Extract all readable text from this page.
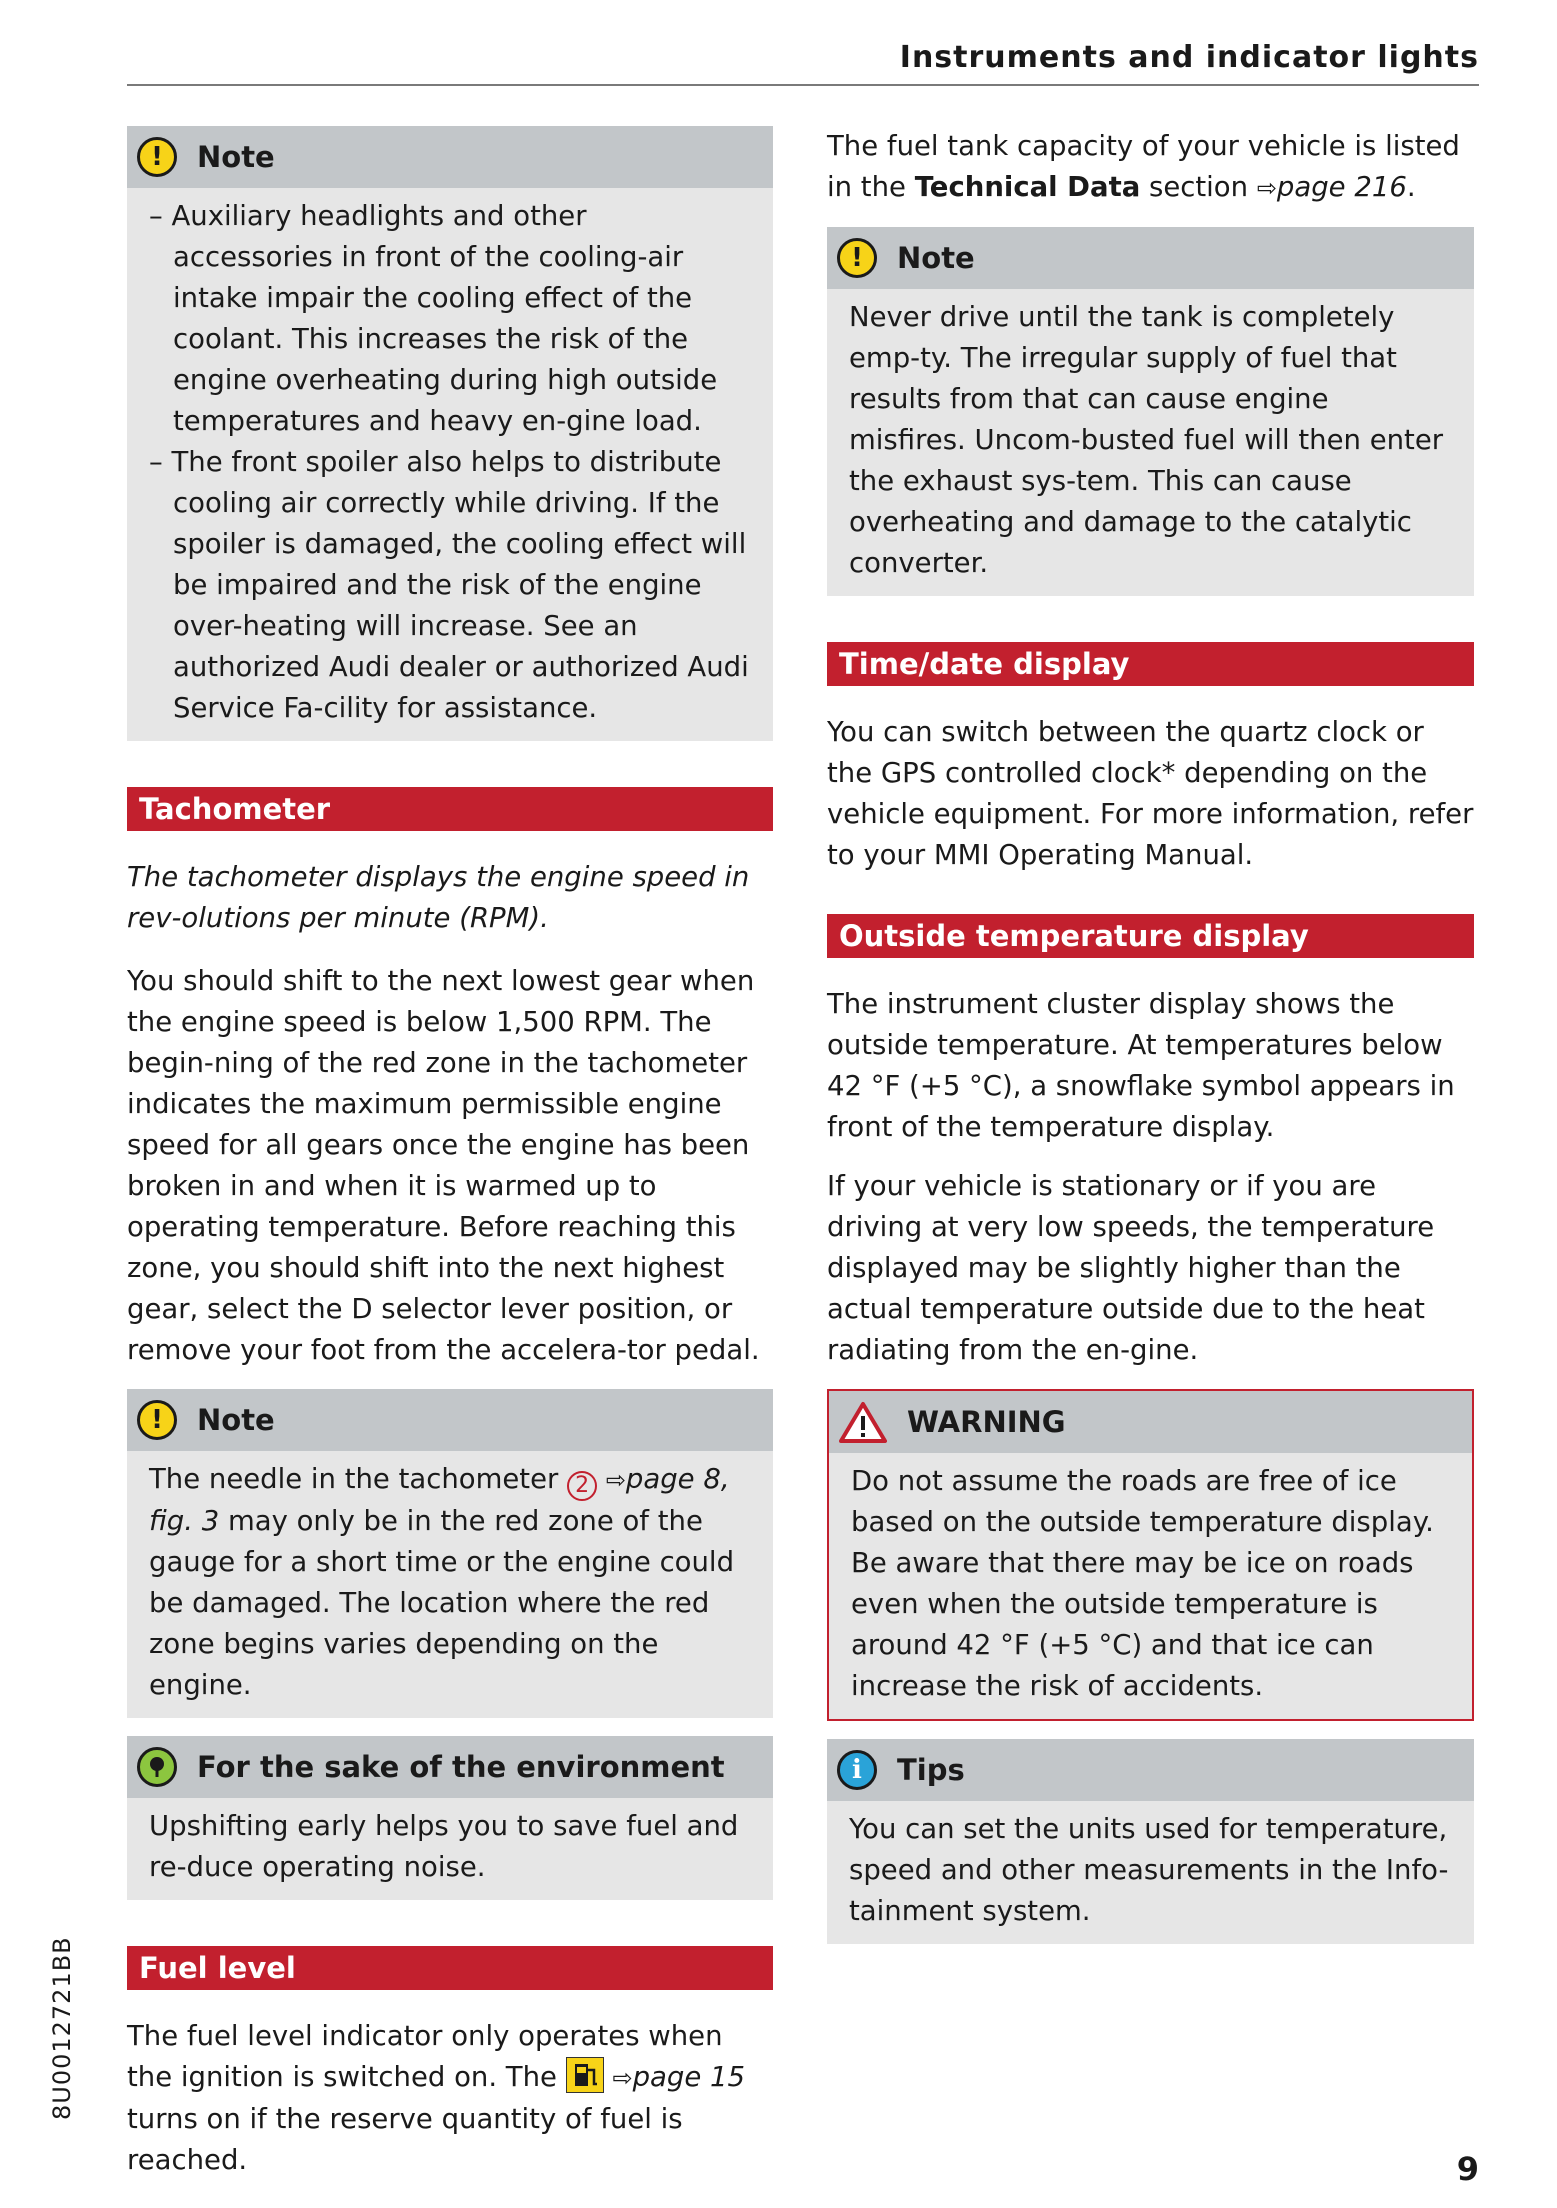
Instruments and indicator lights
!	Note
– Auxiliary headlights and other accessories in front of the cooling-air intake impair the cooling effect of the coolant. This increases the risk of the engine overheating during high outside temperatures and heavy en-gine load.
– The front spoiler also helps to distribute cooling air correctly while driving. If the spoiler is damaged, the cooling effect will be impaired and the risk of the engine over-heating will increase. See an authorized Audi dealer or authorized Audi Service Fa-cility for assistance.
Tachometer

The tachometer displays the engine speed in rev-olutions per minute (RPM).

You should shift to the next lowest gear when the engine speed is below 1,500 RPM. The begin-ning of the red zone in the tachometer indicates the maximum permissible engine speed for all gears once the engine has been broken in and when it is warmed up to operating temperature. Before reaching this zone, you should shift into the next highest gear, select the D selector lever position, or remove your foot from the accelera-tor pedal.

!	Note

The needle in the tachometer 2 ⇨page 8, fig. 3 may only be in the red zone of the gauge for a short time or the engine could be damaged. The location where the red zone begins varies depending on the engine.

For the sake of the environment

Upshifting early helps you to save fuel and re-duce operating noise.

Fuel level

The fuel level indicator only operates when the ignition is switched on. The  ⇨page 15 turns on if the reserve quantity of fuel is reached.

The fuel tank capacity of your vehicle is listed in the Technical Data section ⇨page 216.

!	Note

Never drive until the tank is completely emp-ty. The irregular supply of fuel that results from that can cause engine misfires. Uncom-busted fuel will then enter the exhaust sys-tem. This can cause overheating and damage to the catalytic converter.

Time/date display

You can switch between the quartz clock or the GPS controlled clock* depending on the vehicle equipment. For more information, refer to your MMI Operating Manual.

Outside temperature display

The instrument cluster display shows the outside temperature. At temperatures below 42 °F (+5 °C), a snowflake symbol appears in front of the temperature display.

If your vehicle is stationary or if you are driving at very low speeds, the temperature displayed may be slightly higher than the actual temperature outside due to the heat radiating from the en-gine.

WARNING

Do not assume the roads are free of ice based on the outside temperature display. Be aware that there may be ice on roads even when the outside temperature is around 42 °F (+5 °C) and that ice can increase the risk of accidents.

i	Tips

You can set the units used for temperature, speed and other measurements in the Info-tainment system.

8U0012721BB
9
